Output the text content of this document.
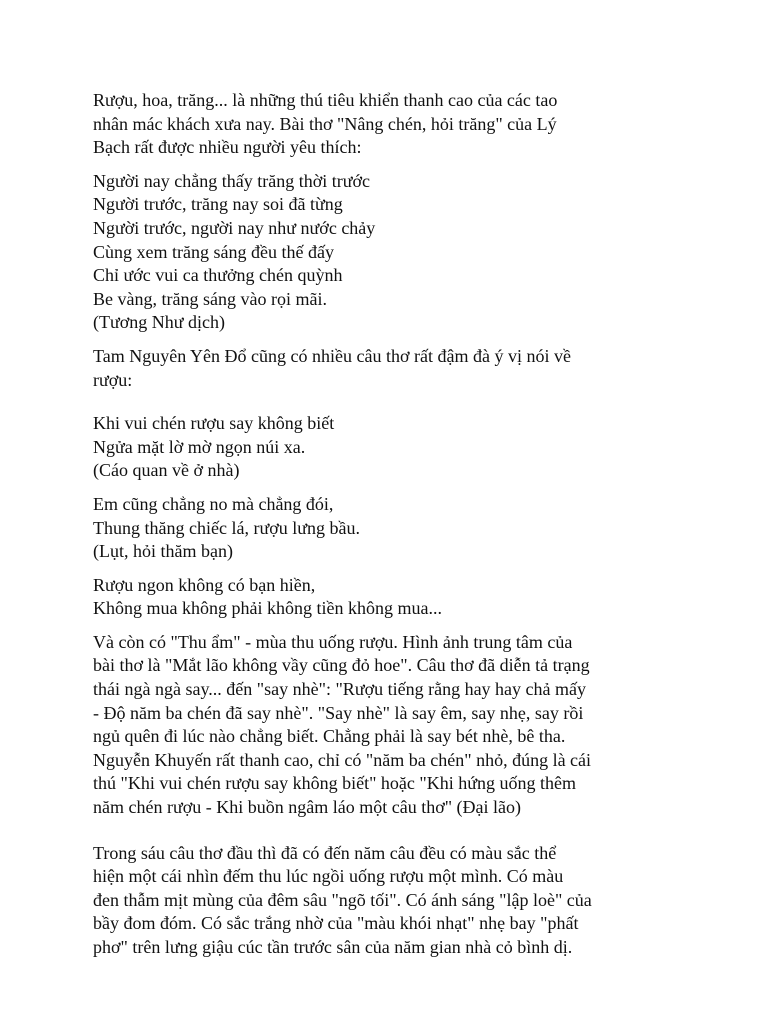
Rượu, hoa, trăng... là những thú tiêu khiển thanh cao của các tao
nhân mác khách xưa nay. Bài thơ "Nâng chén, hỏi trăng" của Lý
Bạch rất được nhiều người yêu thích:
Người nay chẳng thấy trăng thời trước
Người trước, trăng nay soi đã từng
Người trước, người nay như nước chảy
Cùng xem trăng sáng đều thế đấy
Chỉ ước vui ca thưởng chén quỳnh
Be vàng, trăng sáng vào rọi mãi.
(Tương Như dịch)
Tam Nguyên Yên Đổ cũng có nhiều câu thơ rất đậm đà ý vị nói về
rượu:
Khi vui chén rượu say không biết
Ngửa mặt lờ mờ ngọn núi xa.
(Cáo quan về ở nhà)
Em cũng chẳng no mà chẳng đói,
Thung thăng chiếc lá, rượu lưng bầu.
(Lụt, hỏi thăm bạn)
Rượu ngon không có bạn hiền,
Không mua không phải không tiền không mua...
Và còn có "Thu ẩm" - mùa thu uống rượu. Hình ảnh trung tâm của
bài thơ là "Mắt lão không vầy cũng đỏ hoe". Câu thơ đã diễn tả trạng
thái ngà ngà say... đến "say nhè": "Rượu tiếng rằng hay hay chả mấy
- Độ năm ba chén đã say nhè". "Say nhè" là say êm, say nhẹ, say rồi
ngủ quên đi lúc nào chẳng biết. Chẳng phải là say bét nhè, bê tha.
Nguyễn Khuyến rất thanh cao, chỉ có "năm ba chén" nhỏ, đúng là cái
thú "Khi vui chén rượu say không biết" hoặc "Khi hứng uống thêm
năm chén rượu - Khi buồn ngâm láo một câu thơ" (Đại lão)
Trong sáu câu thơ đầu thì đã có đến năm câu đều có màu sắc thể
hiện một cái nhìn đếm thu lúc ngồi uống rượu một mình. Có màu
đen thẫm mịt mùng của đêm sâu "ngõ tối". Có ánh sáng "lập loè" của
bầy đom đóm. Có sắc trắng nhờ của "màu khói nhạt" nhẹ bay "phất
phơ" trên lưng giậu cúc tần trước sân của năm gian nhà cỏ bình dị.
